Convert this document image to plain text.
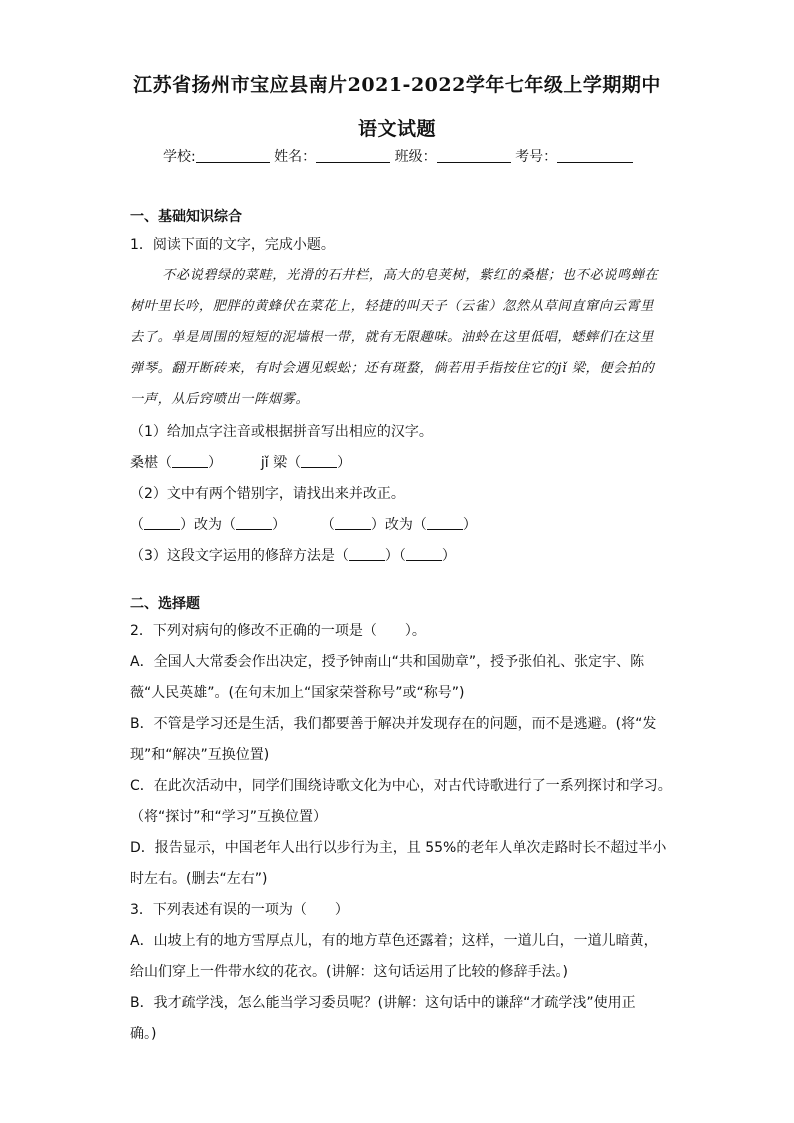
江苏省扬州市宝应县南片2021-2022学年七年级上学期期中
语文试题
学校:	姓名：	班级：	考号：
一、基础知识综合
1．阅读下面的文字，完成小题。
不必说碧绿的菜畦，光滑的石井栏，高大的皂荚树，紫红的桑椹；也不必说鸣蝉在
树叶里长吟，肥胖的黄蜂伏在菜花上，轻捷的叫天子（云雀）忽然从草间直窜向云霄里
去了。单是周围的短短的泥墙根一带，就有无限趣味。油蛉在这里低唱，蟋蟀们在这里
弹琴。翻开断砖来，有时会遇见蜈蚣；还有斑蝥，倘若用手指按住它的jǐ 梁，便会拍的
一声，从后窍喷出一阵烟雾。
（1）给加点字注音或根据拼音写出相应的汉字。
桑椹（	）	jǐ 梁（	）
（2）文中有两个错别字，请找出来并改正。
（	）改为（	） （	）改为（	）
（3）这段文字运用的修辞方法是（	）（	）
二、选择题
2．下列对病句的修改不正确的一项是（　　）。
A．全国人大常委会作出决定，授予钟南山“共和国勋章”，授予张伯礼、张定宇、陈
薇“人民英雄”。(在句末加上“国家荣誉称号”或“称号”)
B．不管是学习还是生活，我们都要善于解决并发现存在的问题，而不是逃避。(将“发
现”和“解决”互换位置)
C．在此次活动中，同学们围绕诗歌文化为中心，对古代诗歌进行了一系列探讨和学习。
（将“探讨”和“学习”互换位置）
D．报告显示，中国老年人出行以步行为主，且 55%的老年人单次走路时长不超过半小
时左右。(删去“左右”)
3．下列表述有误的一项为（　　）
A．山坡上有的地方雪厚点儿，有的地方草色还露着；这样，一道儿白，一道儿暗黄，
给山们穿上一件带水纹的花衣。(讲解：这句话运用了比较的修辞手法。)
B．我才疏学浅，怎么能当学习委员呢？(讲解：这句话中的谦辞“才疏学浅”使用正
确。)
